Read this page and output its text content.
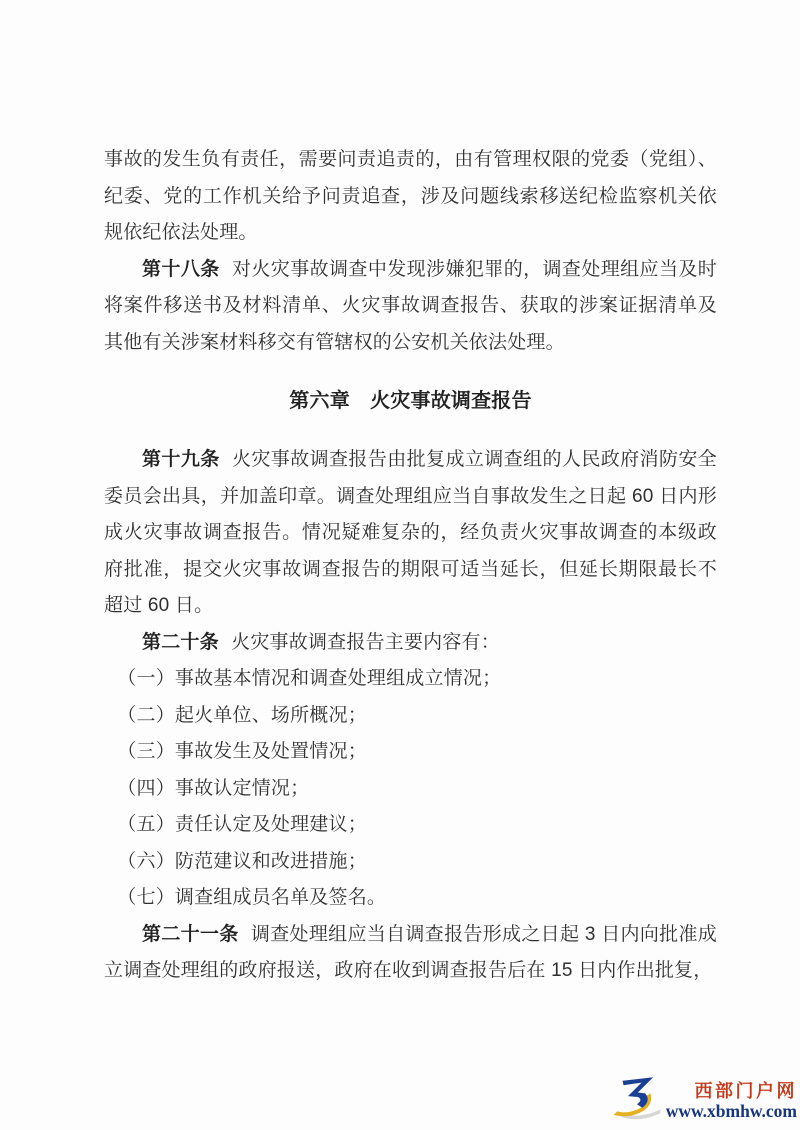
事故的发生负有责任，需要问责追责的，由有管理权限的党委（党组）、纪委、党的工作机关给予问责追查，涉及问题线索移送纪检监察机关依规依纪依法处理。

第十八条 对火灾事故调查中发现涉嫌犯罪的，调查处理组应当及时将案件移送书及材料清单、火灾事故调查报告、获取的涉案证据清单及其他有关涉案材料移交有管辖权的公安机关依法处理。

第六章　火灾事故调查报告

第十九条 火灾事故调查报告由批复成立调查组的人民政府消防安全委员会出具，并加盖印章。调查处理组应当自事故发生之日起 60 日内形成火灾事故调查报告。情况疑难复杂的，经负责火灾事故调查的本级政府批准，提交火灾事故调查报告的期限可适当延长，但延长期限最长不超过 60 日。

第二十条 火灾事故调查报告主要内容有：

（一）事故基本情况和调查处理组成立情况；

（二）起火单位、场所概况；

（三）事故发生及处置情况；

（四）事故认定情况；

（五）责任认定及处理建议；

（六）防范建议和改进措施；

（七）调查组成员名单及签名。

第二十一条 调查处理组应当自调查报告形成之日起 3 日内向批准成立调查处理组的政府报送，政府在收到调查报告后在 15 日内作出批复，

西部门户网
www.xbmhw.com
